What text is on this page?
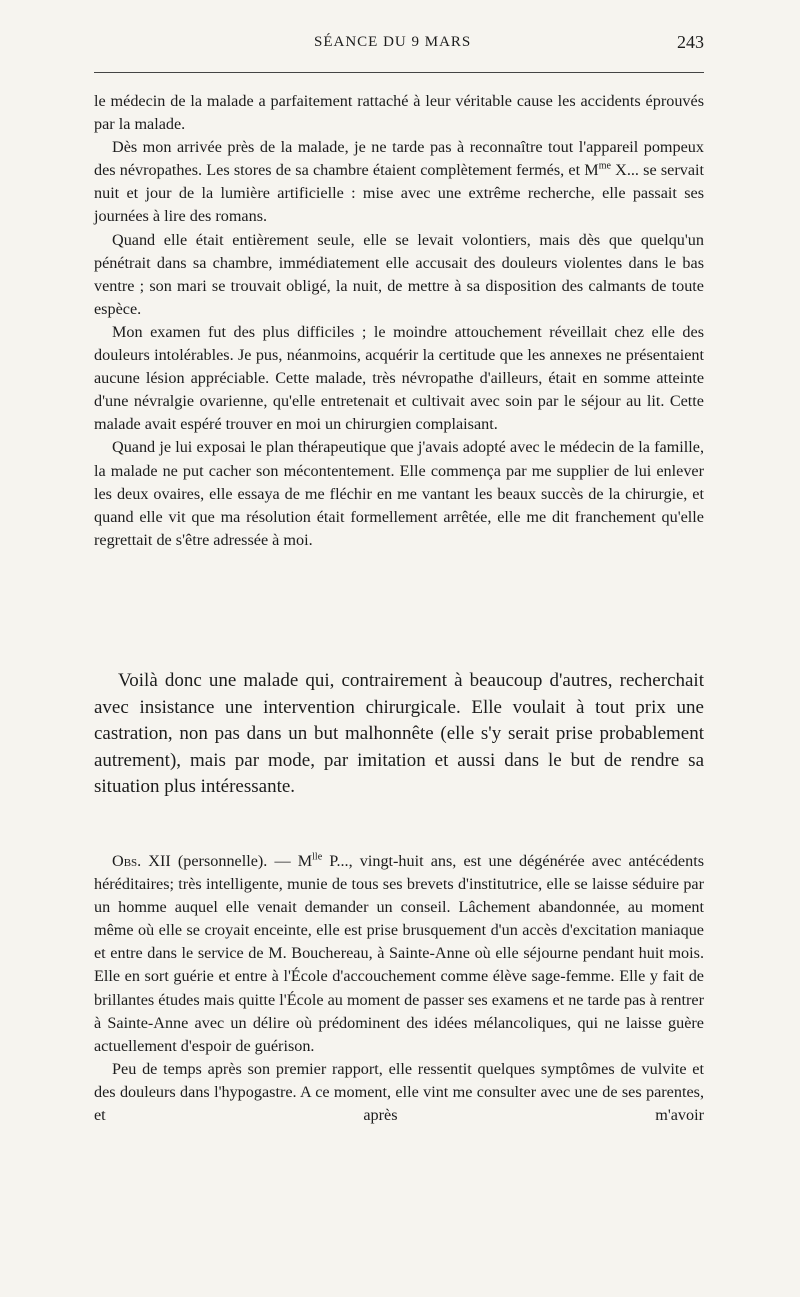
SÉANCE DU 9 MARS	243

le médecin de la malade a parfaitement rattaché à leur véritable cause les accidents éprouvés par la malade.

Dès mon arrivée près de la malade, je ne tarde pas à reconnaître tout l'appareil pompeux des névropathes. Les stores de sa chambre étaient complètement fermés, et $M^{me}$ X... se servait nuit et jour de la lumière artificielle : mise avec une extrême recherche, elle passait ses journées à lire des romans.

Quand elle était entièrement seule, elle se levait volontiers, mais dès que quelqu'un pénétrait dans sa chambre, immédiatement elle accusait des douleurs violentes dans le bas ventre ; son mari se trouvait obligé, la nuit, de mettre à sa disposition des calmants de toute espèce.

Mon examen fut des plus difficiles ; le moindre attouchement réveillait chez elle des douleurs intolérables. Je pus, néanmoins, acquérir la certitude que les annexes ne présentaient aucune lésion appréciable. Cette malade, très névropathe d'ailleurs, était en somme atteinte d'une névralgie ovarienne, qu'elle entretenait et cultivait avec soin par le séjour au lit. Cette malade avait espéré trouver en moi un chirurgien complaisant.

Quand je lui exposai le plan thérapeutique que j'avais adopté avec le médecin de la famille, la malade ne put cacher son mécontentement. Elle commença par me supplier de lui enlever les deux ovaires, elle essaya de me fléchir en me vantant les beaux succès de la chirurgie, et quand elle vit que ma résolution était formellement arrêtée, elle me dit franchement qu'elle regrettait de s'être adressée à moi.

Voilà donc une malade qui, contrairement à beaucoup d'autres, recherchait avec insistance une intervention chirurgicale. Elle voulait à tout prix une castration, non pas dans un but malhonnête (elle s'y serait prise probablement autrement), mais par mode, par imitation et aussi dans le but de rendre sa situation plus intéressante.

Obs. XII (personnelle). — $M^{lle}$ P..., vingt-huit ans, est une dégénérée avec antécédents héréditaires; très intelligente, munie de tous ses brevets d'institutrice, elle se laisse séduire par un homme auquel elle venait demander un conseil. Lâchement abandonnée, au moment même où elle se croyait enceinte, elle est prise brusquement d'un accès d'excitation maniaque et entre dans le service de M. Bouchereau, à Sainte-Anne où elle séjourne pendant huit mois. Elle en sort guérie et entre à l'École d'accouchement comme élève sage-femme. Elle y fait de brillantes études mais quitte l'École au moment de passer ses examens et ne tarde pas à rentrer à Sainte-Anne avec un délire où prédominent des idées mélancoliques, qui ne laisse guère actuellement d'espoir de guérison.

Peu de temps après son premier rapport, elle ressentit quelques symptômes de vulvite et des douleurs dans l'hypogastre. A ce moment, elle vint me consulter avec une de ses parentes, et après m'avoir
